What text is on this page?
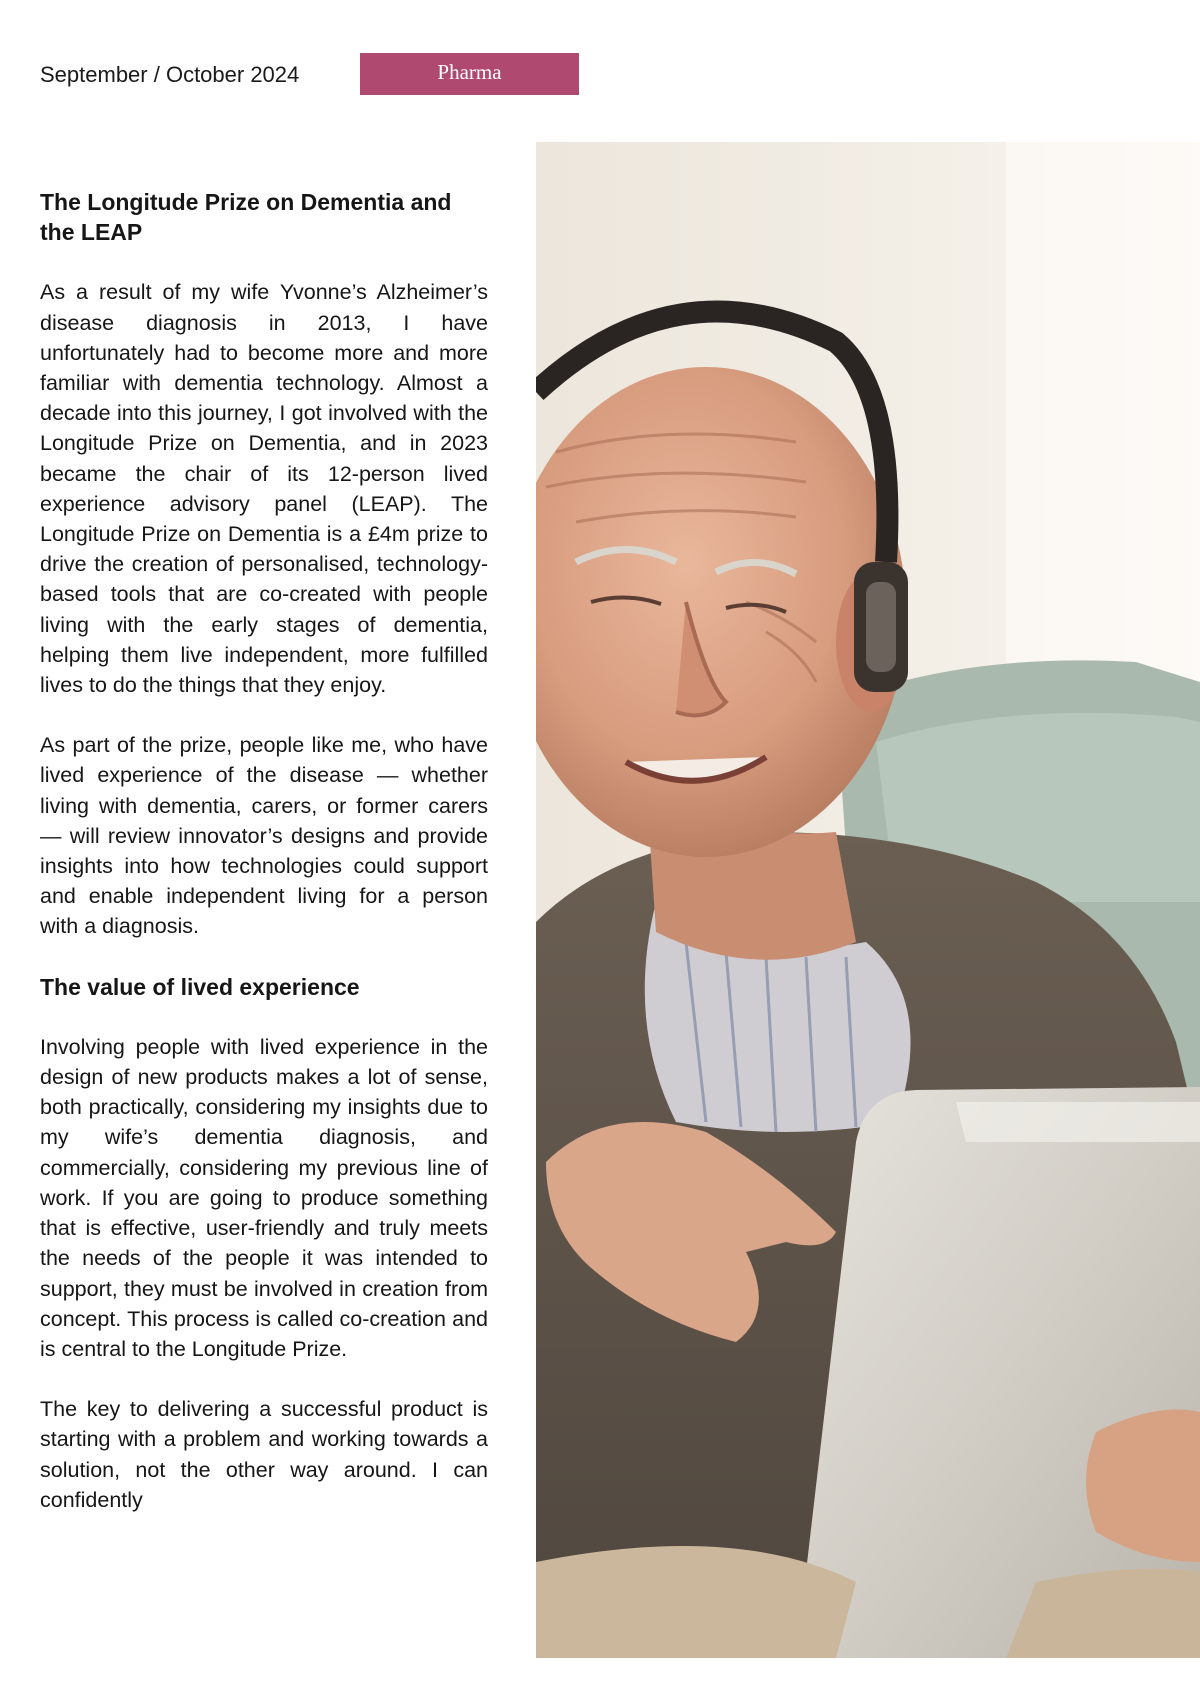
September / October 2024	Pharma
The Longitude Prize on Dementia and the LEAP

As a result of my wife Yvonne’s Alzheimer’s disease diagnosis in 2013, I have unfortunately had to become more and more familiar with dementia technology. Almost a decade into this journey, I got involved with the Longitude Prize on Dementia, and in 2023 became the chair of its 12-person lived experience advisory panel (LEAP). The Longitude Prize on Dementia is a £4m prize to drive the creation of personalised, technology-based tools that are co-created with people living with the early stages of dementia, helping them live independent, more fulfilled lives to do the things that they enjoy.

As part of the prize, people like me, who have lived experience of the disease — whether living with dementia, carers, or former carers — will review innovator’s designs and provide insights into how technologies could support and enable independent living for a person with a diagnosis.

The value of lived experience

Involving people with lived experience in the design of new products makes a lot of sense, both practically, considering my insights due to my wife’s dementia diagnosis, and commercially, considering my previous line of work. If you are going to produce something that is effective, user-friendly and truly meets the needs of the people it was intended to support, they must be involved in creation from concept. This process is called co-creation and is central to the Longitude Prize.

The key to delivering a successful product is starting with a problem and working towards a solution, not the other way around. I can confidently
